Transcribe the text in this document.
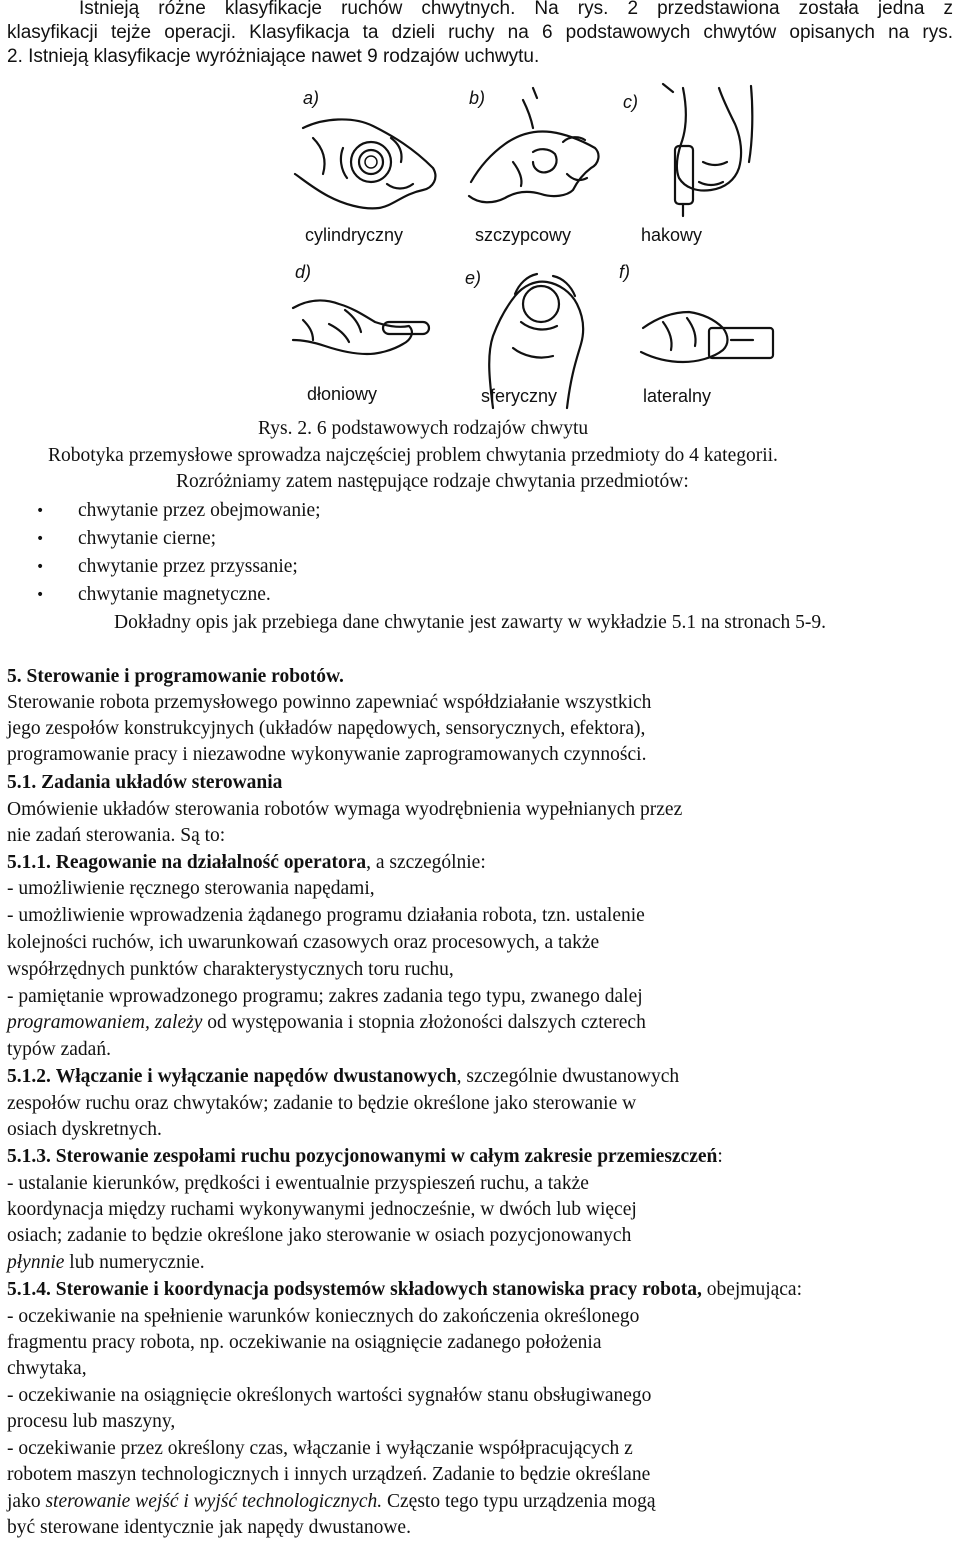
Istnieją różne klasyfikacje ruchów chwytnych. Na rys. 2 przedstawiona została jedna z
klasyfikacji tejże operacji. Klasyfikacja ta dzieli ruchy na 6 podstawowych chwytów opisanych na rys.
2. Istnieją klasyfikacje wyróżniające nawet 9 rodzajów uchwytu.
a)	b)	c)
d)	e)	f)
cylindryczny	szczypcowy	hakowy
dłoniowy	sferyczny	lateralny
Rys. 2. 6 podstawowych rodzajów chwytu
Robotyka przemysłowe sprowadza najczęściej problem chwytania przedmioty do 4 kategorii.
Rozróżniamy zatem następujące rodzaje chwytania przedmiotów:
• chwytanie przez obejmowanie;
• chwytanie cierne;
• chwytanie przez przyssanie;
• chwytanie magnetyczne.
Dokładny opis jak przebiega dane chwytanie jest zawarty w wykładzie 5.1 na stronach 5-9.
5. Sterowanie i programowanie robotów.
Sterowanie robota przemysłowego powinno zapewniać współdziałanie wszystkich
jego zespołów konstrukcyjnych (układów napędowych, sensorycznych, efektora),
programowanie pracy i niezawodne wykonywanie zaprogramowanych czynności.
5.1. Zadania układów sterowania
Omówienie układów sterowania robotów wymaga wyodrębnienia wypełnianych przez
nie zadań sterowania. Są to:
5.1.1. Reagowanie na działalność operatora, a szczególnie:
- umożliwienie ręcznego sterowania napędami,
- umożliwienie wprowadzenia żądanego programu działania robota, tzn. ustalenie
kolejności ruchów, ich uwarunkowań czasowych oraz procesowych, a także
współrzędnych punktów charakterystycznych toru ruchu,
- pamiętanie wprowadzonego programu; zakres zadania tego typu, zwanego dalej
programowaniem, zależy od występowania i stopnia złożoności dalszych czterech
typów zadań.
5.1.2. Włączanie i wyłączanie napędów dwustanowych, szczególnie dwustanowych
zespołów ruchu oraz chwytaków; zadanie to będzie określone jako sterowanie w
osiach dyskretnych.
5.1.3. Sterowanie zespołami ruchu pozycjonowanymi w całym zakresie przemieszczeń:
- ustalanie kierunków, prędkości i ewentualnie przyspieszeń ruchu, a także
koordynacja między ruchami wykonywanymi jednocześnie, w dwóch lub więcej
osiach; zadanie to będzie określone jako sterowanie w osiach pozycjonowanych
płynnie lub numerycznie.
5.1.4. Sterowanie i koordynacja podsystemów składowych stanowiska pracy robota, obejmująca:
- oczekiwanie na spełnienie warunków koniecznych do zakończenia określonego
fragmentu pracy robota, np. oczekiwanie na osiągnięcie zadanego położenia
chwytaka,
- oczekiwanie na osiągnięcie określonych wartości sygnałów stanu obsługiwanego
procesu lub maszyny,
- oczekiwanie przez określony czas, włączanie i wyłączanie współpracujących z
robotem maszyn technologicznych i innych urządzeń. Zadanie to będzie określane
jako sterowanie wejść i wyjść technologicznych. Często tego typu urządzenia mogą
być sterowane identycznie jak napędy dwustanowe.
